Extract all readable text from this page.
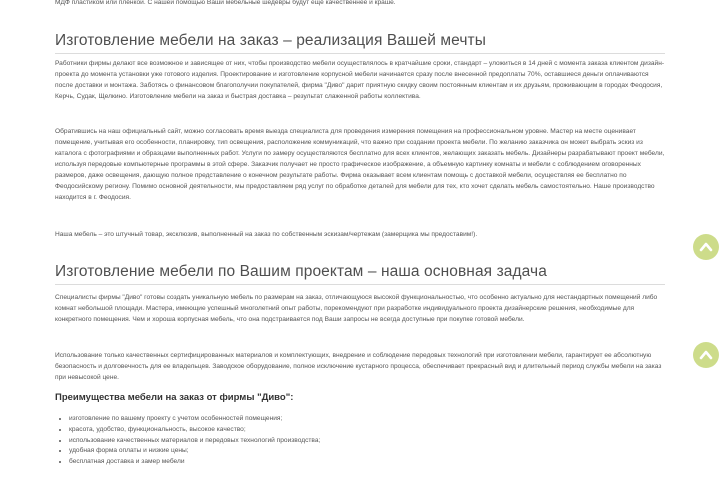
МДФ пластиком или плёнкой. С нашей помощью Ваши мебельные шедевры будут ещё качественнее и краше.

Изготовление мебели на заказ – реализация Вашей мечты

Работники фирмы делают все возможное и зависящее от них, чтобы производство мебели осуществлялось в кратчайшие сроки, стандарт – уложиться в 14 дней с момента заказа клиентом дизайн-проекта до момента установки уже готового изделия. Проектирование и изготовление корпусной мебели начинается сразу после внесенной предоплаты 70%, оставшиеся деньги оплачиваются после доставки и монтажа. Заботясь о финансовом благополучии покупателей, фирма "Диво" дарит приятную скидку своим постоянным клиентам и их друзьям, проживающим в городах Феодосия, Керчь, Судак, Щелкино. Изготовление мебели на заказ и быстрая доставка – результат слаженной работы коллектива.

Обратившись на наш официальный сайт, можно согласовать время выезда специалиста для проведения измерения помещения на профессиональном уровне. Мастер на месте оценивает помещение, учитывая его особенности, планировку, тип освещения, расположение коммуникаций, что важно при создании проекта мебели. По желанию заказчика он может выбрать эскиз из каталога с фотографиями и образцами выполненных работ. Услуги по замеру осуществляются бесплатно для всех клиентов, желающих заказать мебель. Дизайнеры разрабатывают проект мебели, используя передовые компьютерные программы в этой сфере. Заказчик получает не просто графическое изображение, а объемную картинку комнаты и мебели с соблюдением оговоренных размеров, даже освещения, дающую полное представление о конечном результате работы. Фирма оказывает всем клиентам помощь с доставкой мебели, осуществляя ее бесплатно по Феодосийскому региону. Помимо основной деятельности, мы предоставляем ряд услуг по обработке деталей для мебели для тех, кто хочет сделать мебель самостоятельно. Наше производство находится в г. Феодосия.

Наша мебель – это штучный товар, эксклюзив, выполненный на заказ по собственным эскизам/чертежам (замерщика мы предоставим!).

Изготовление мебели по Вашим проектам – наша основная задача

Специалисты фирмы "Диво" готовы создать уникальную мебель по размерам на заказ, отличающуюся высокой функциональностью, что особенно актуально для нестандартных помещений либо комнат небольшой площади. Мастера, имеющие успешный многолетний опыт работы, порекомендуют при разработке индивидуального проекта дизайнерские решения, необходимые для конкретного помещения. Чем и хороша корпусная мебель, что она подстраивается под Ваши запросы не всегда доступные при покупке готовой мебели.

Использование только качественных сертифицированных материалов и комплектующих, внедрение и соблюдение передовых технологий при изготовлении мебели, гарантирует ее абсолютную безопасность и долговечность для ее владельцев. Заводское оборудование, полное исключение кустарного процесса, обеспечивает прекрасный вид и длительный период службы мебели на заказ при невысокой цене.

Преимущества мебели на заказ от фирмы "Диво":
• изготовление по вашему проекту с учетом особенностей помещения;
• красота, удобство, функциональность, высокое качество;
• использование качественных материалов и передовых технологий производства;
• удобная форма оплаты и низкие цены;
• бесплатная доставка и замер мебели
